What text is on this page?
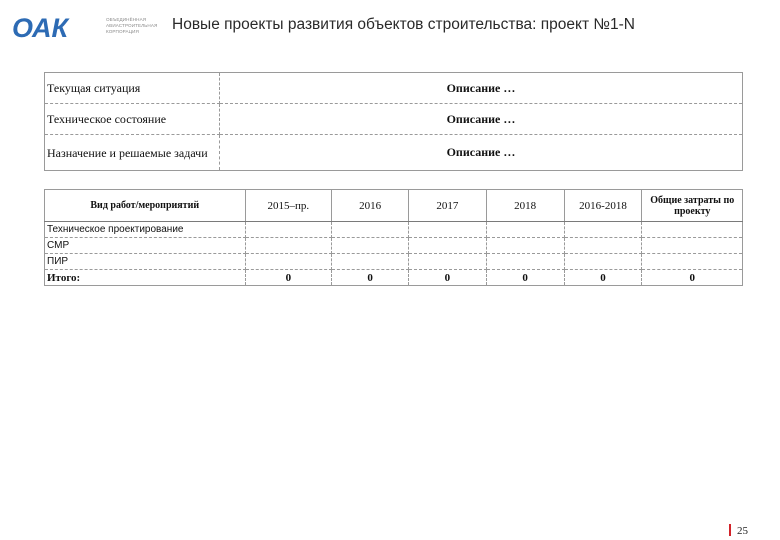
ОАК	ОБЪЕДИНЁННАЯ АВИАСТРОИТЕЛЬНАЯ КОРПОРАЦИЯ	Новые проекты развития объектов строительства: проект №1-N
Текущая ситуация	Описание …
Техническое состояние	Описание …
Назначение и решаемые задачи	Описание …
Вид работ/мероприятий	2015–пр.	2016	2017	2018	2016-2018	Общие затраты по проекту
Техническое проектирование						
СМР						
ПИР						
Итого:	0	0	0	0	0	0
25
